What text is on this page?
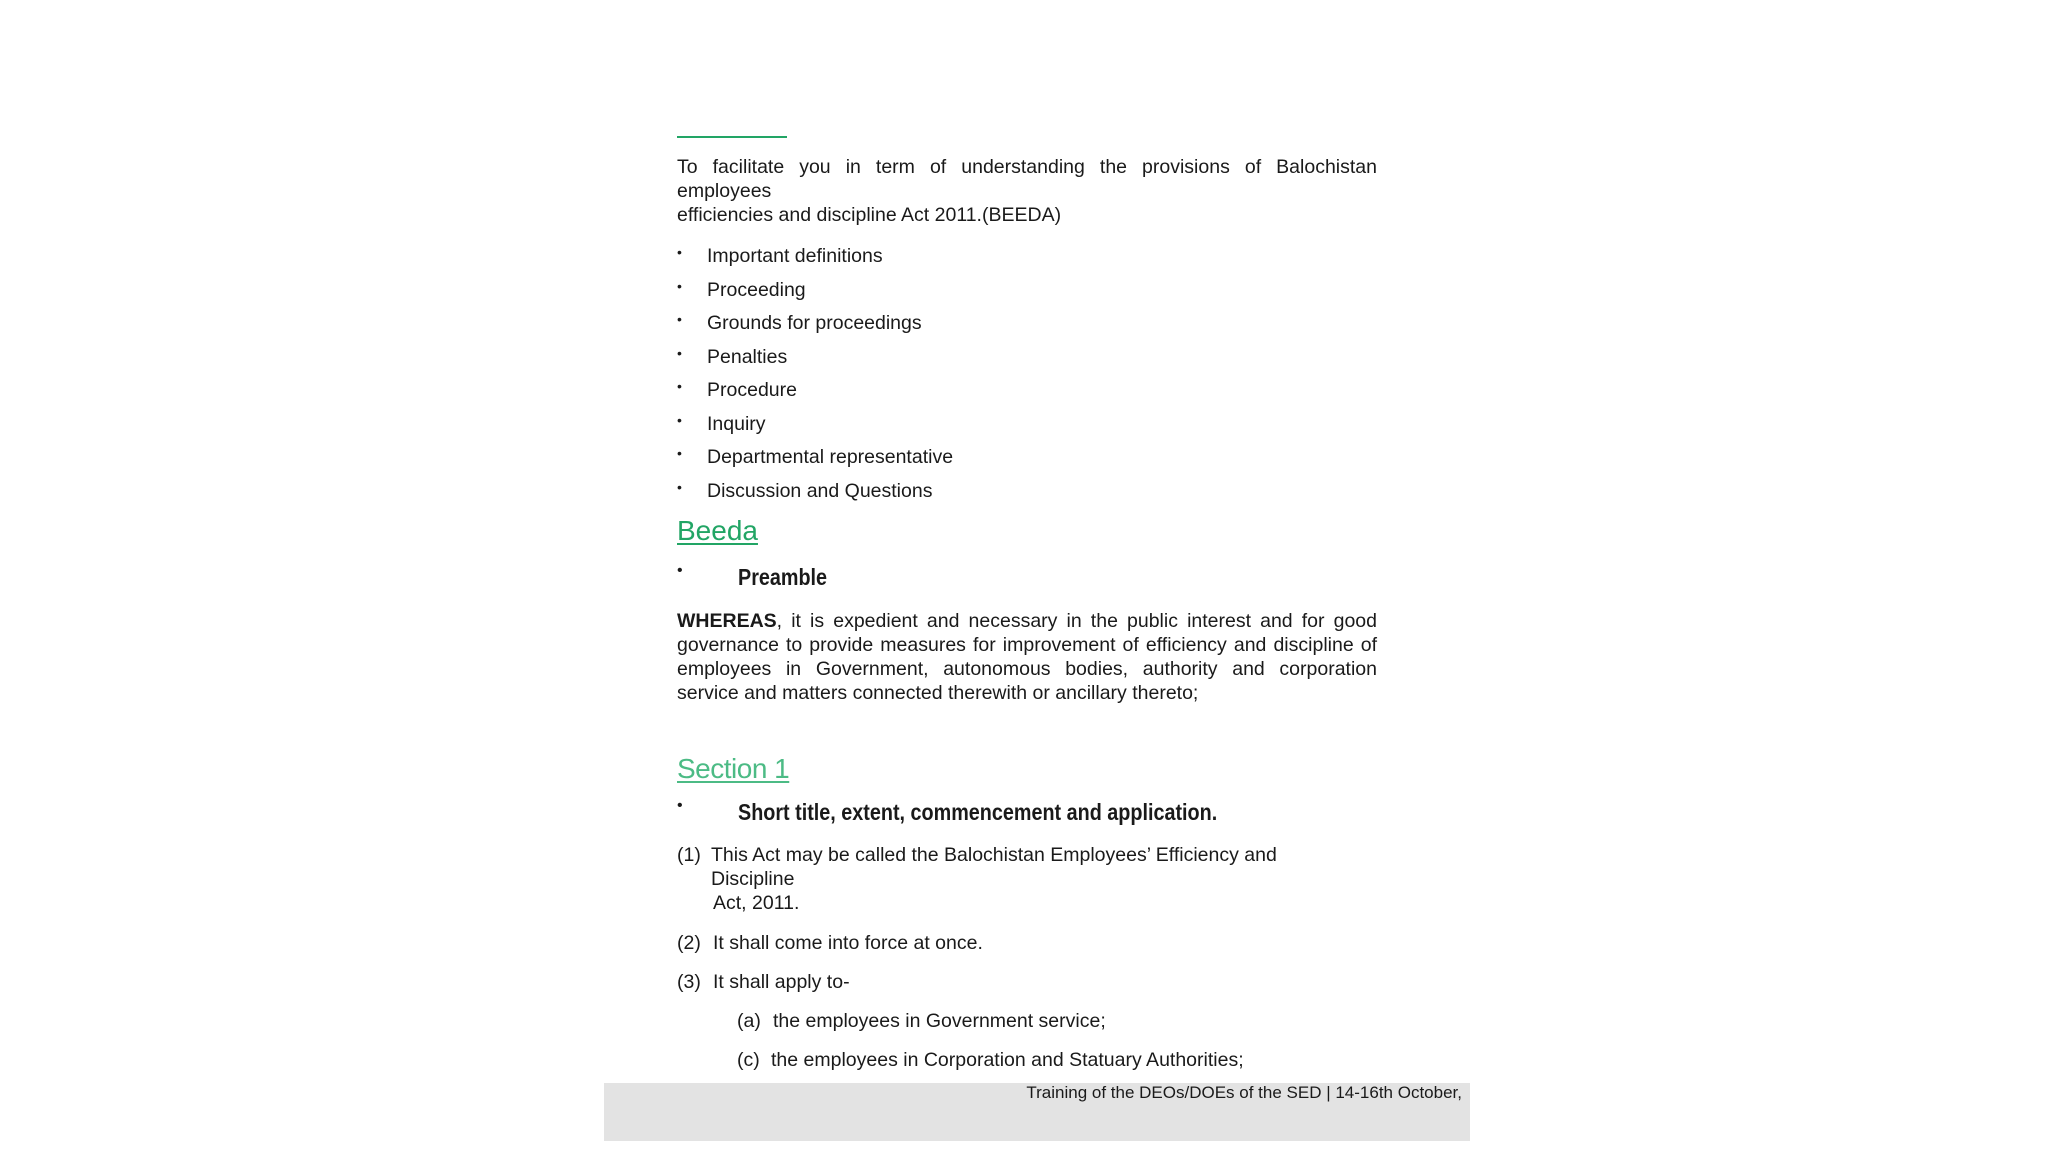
To facilitate you in term of understanding the provisions of Balochistan
employees
efficiencies and discipline Act 2011.(BEEDA)
• Important definitions
• Proceeding
• Grounds for proceedings
• Penalties
• Procedure
• Inquiry
• Departmental representative
• Discussion and Questions
Beeda
• Preamble
WHEREAS, it is expedient and necessary in the public interest and for good governance to provide measures for improvement of efficiency and discipline of employees in Government, autonomous bodies, authority and corporation service and matters connected therewith or ancillary thereto;
Section 1
• Short title, extent, commencement and application.
(1) This Act may be called the Balochistan Employees’ Efficiency and Discipline
Act, 2011.
(2) It shall come into force at once.
(3) It shall apply to-
(a) the employees in Government service;
(c) the employees in Corporation and Statuary Authorities;
Training of the DEOs/DOEs of the SED | 14-16th October,
